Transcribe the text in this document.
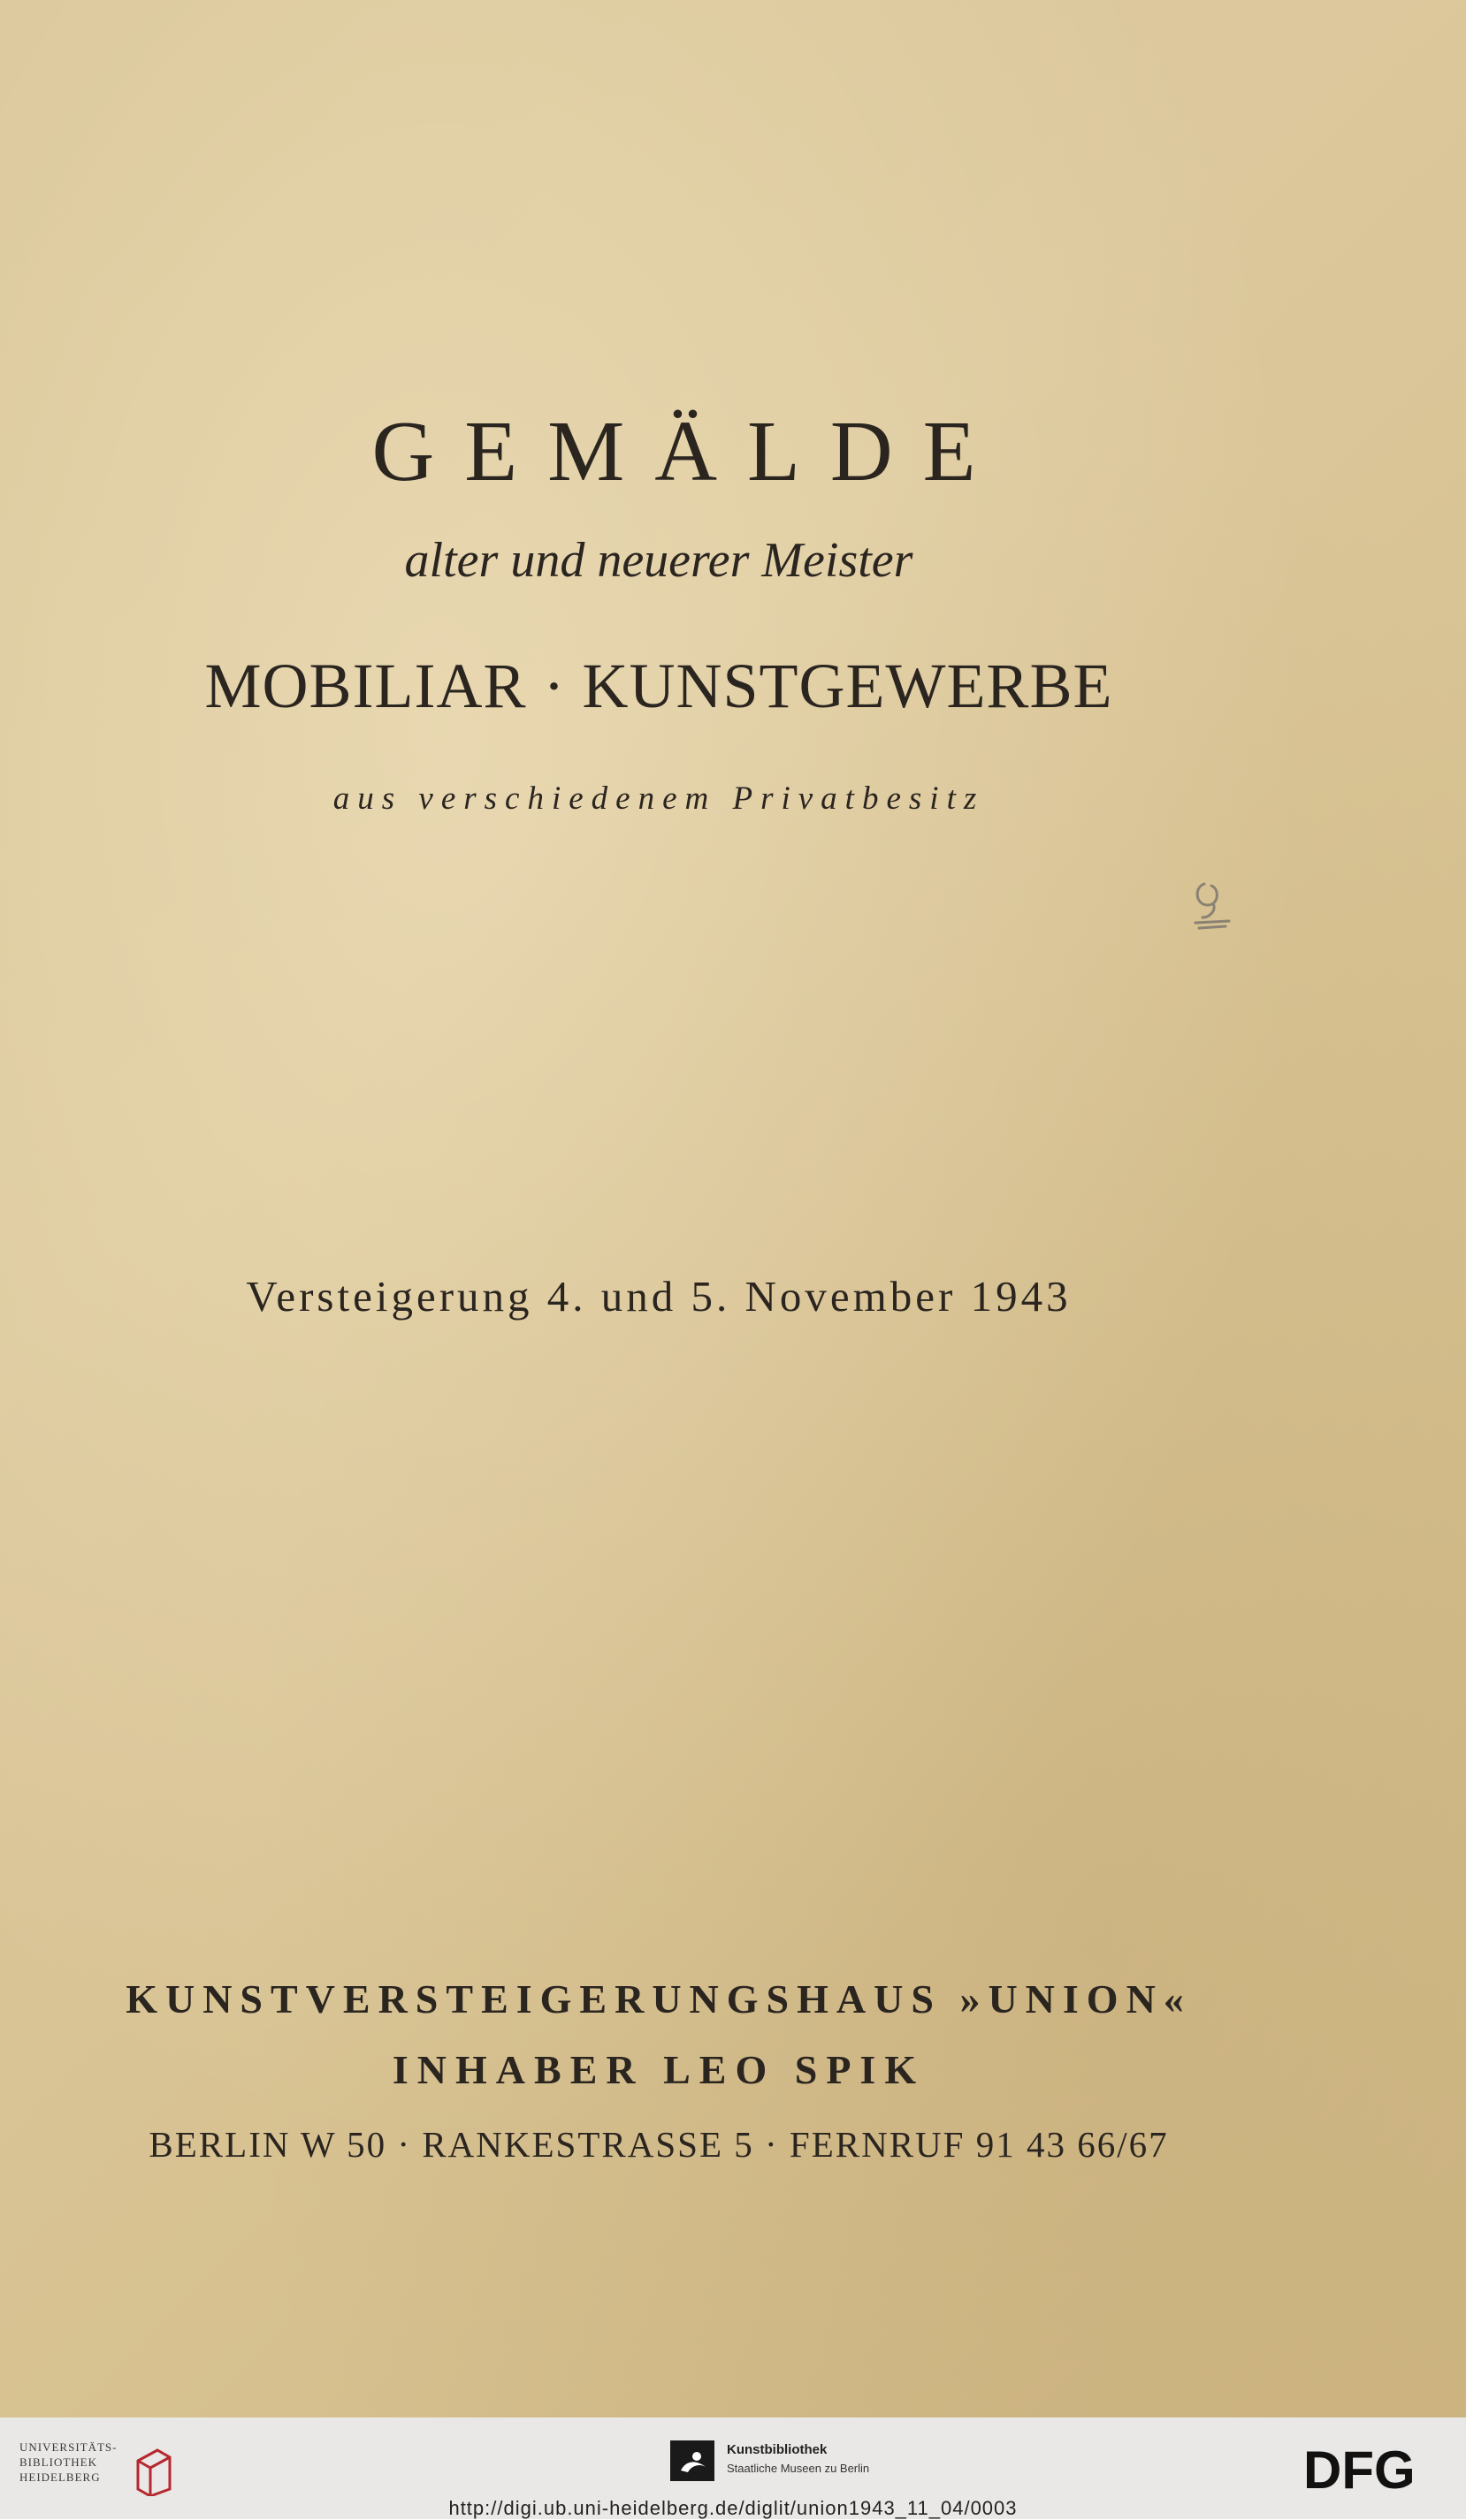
GEMÄLDE
alter und neuerer Meister
MOBILIAR · KUNSTGEWERBE
aus verschiedenem Privatbesitz
Versteigerung 4. und 5. November 1943
KUNSTVERSTEIGERUNGSHAUS »UNION«
INHABER LEO SPIK
BERLIN W 50 · RANKESTRASSE 5 · FERNRUF 91 43 66/67
UNIVERSITÄTS-
BIBLIOTHEK
HEIDELBERG
Kunstbibliothek
Staatliche Museen zu Berlin	DFG
http://digi.ub.uni-heidelberg.de/diglit/union1943_11_04/0003
